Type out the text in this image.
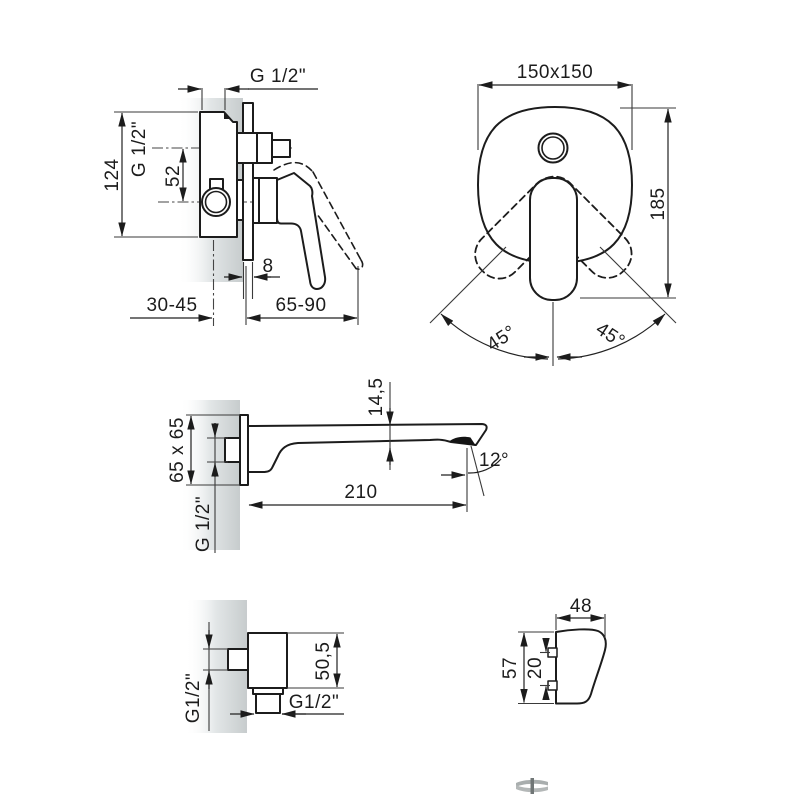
G 1/2"
124 G 1/2" 52
8
30-45	65-90
150x150
185
45°	45°
14,5
65 x 65
G 1/2"
210
12°
G1/2"
50,5
G1/2"
48
57 20
